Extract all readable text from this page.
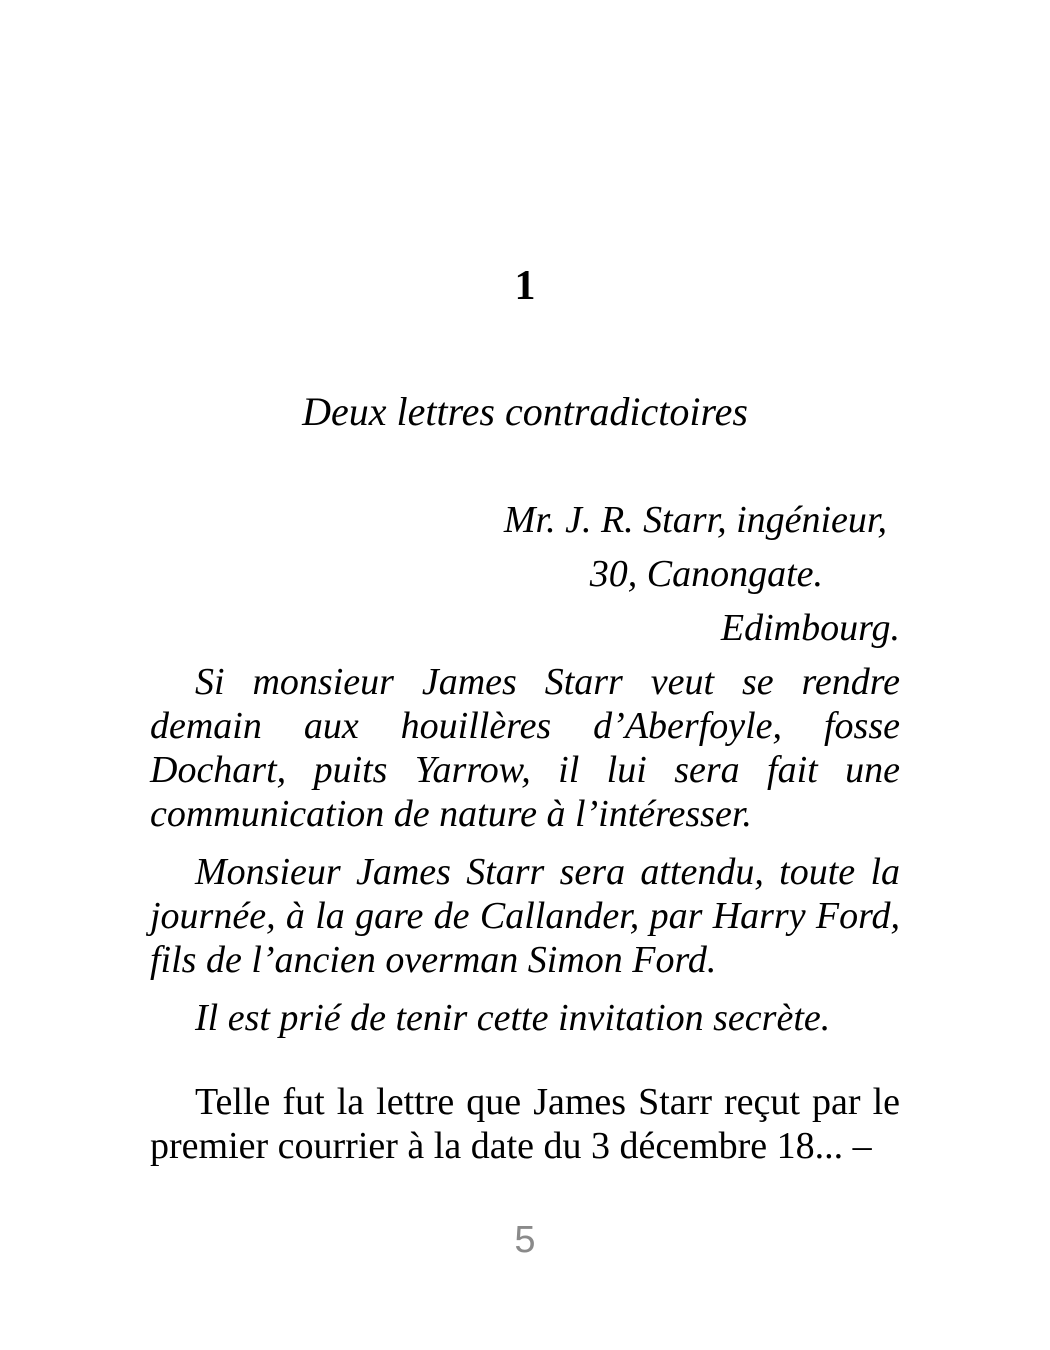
1
Deux lettres contradictoires

Mr. J. R. Starr, ingénieur,

30, Canongate.

Edimbourg.

Si monsieur James Starr veut se rendre demain aux houillères d’Aberfoyle, fosse Dochart, puits Yarrow, il lui sera fait une communication de nature à l’intéresser.

Monsieur James Starr sera attendu, toute la journée, à la gare de Callander, par Harry Ford, fils de l’ancien overman Simon Ford.

Il est prié de tenir cette invitation secrète.

Telle fut la lettre que James Starr reçut par le premier courrier à la date du 3 décembre 18... –

5
